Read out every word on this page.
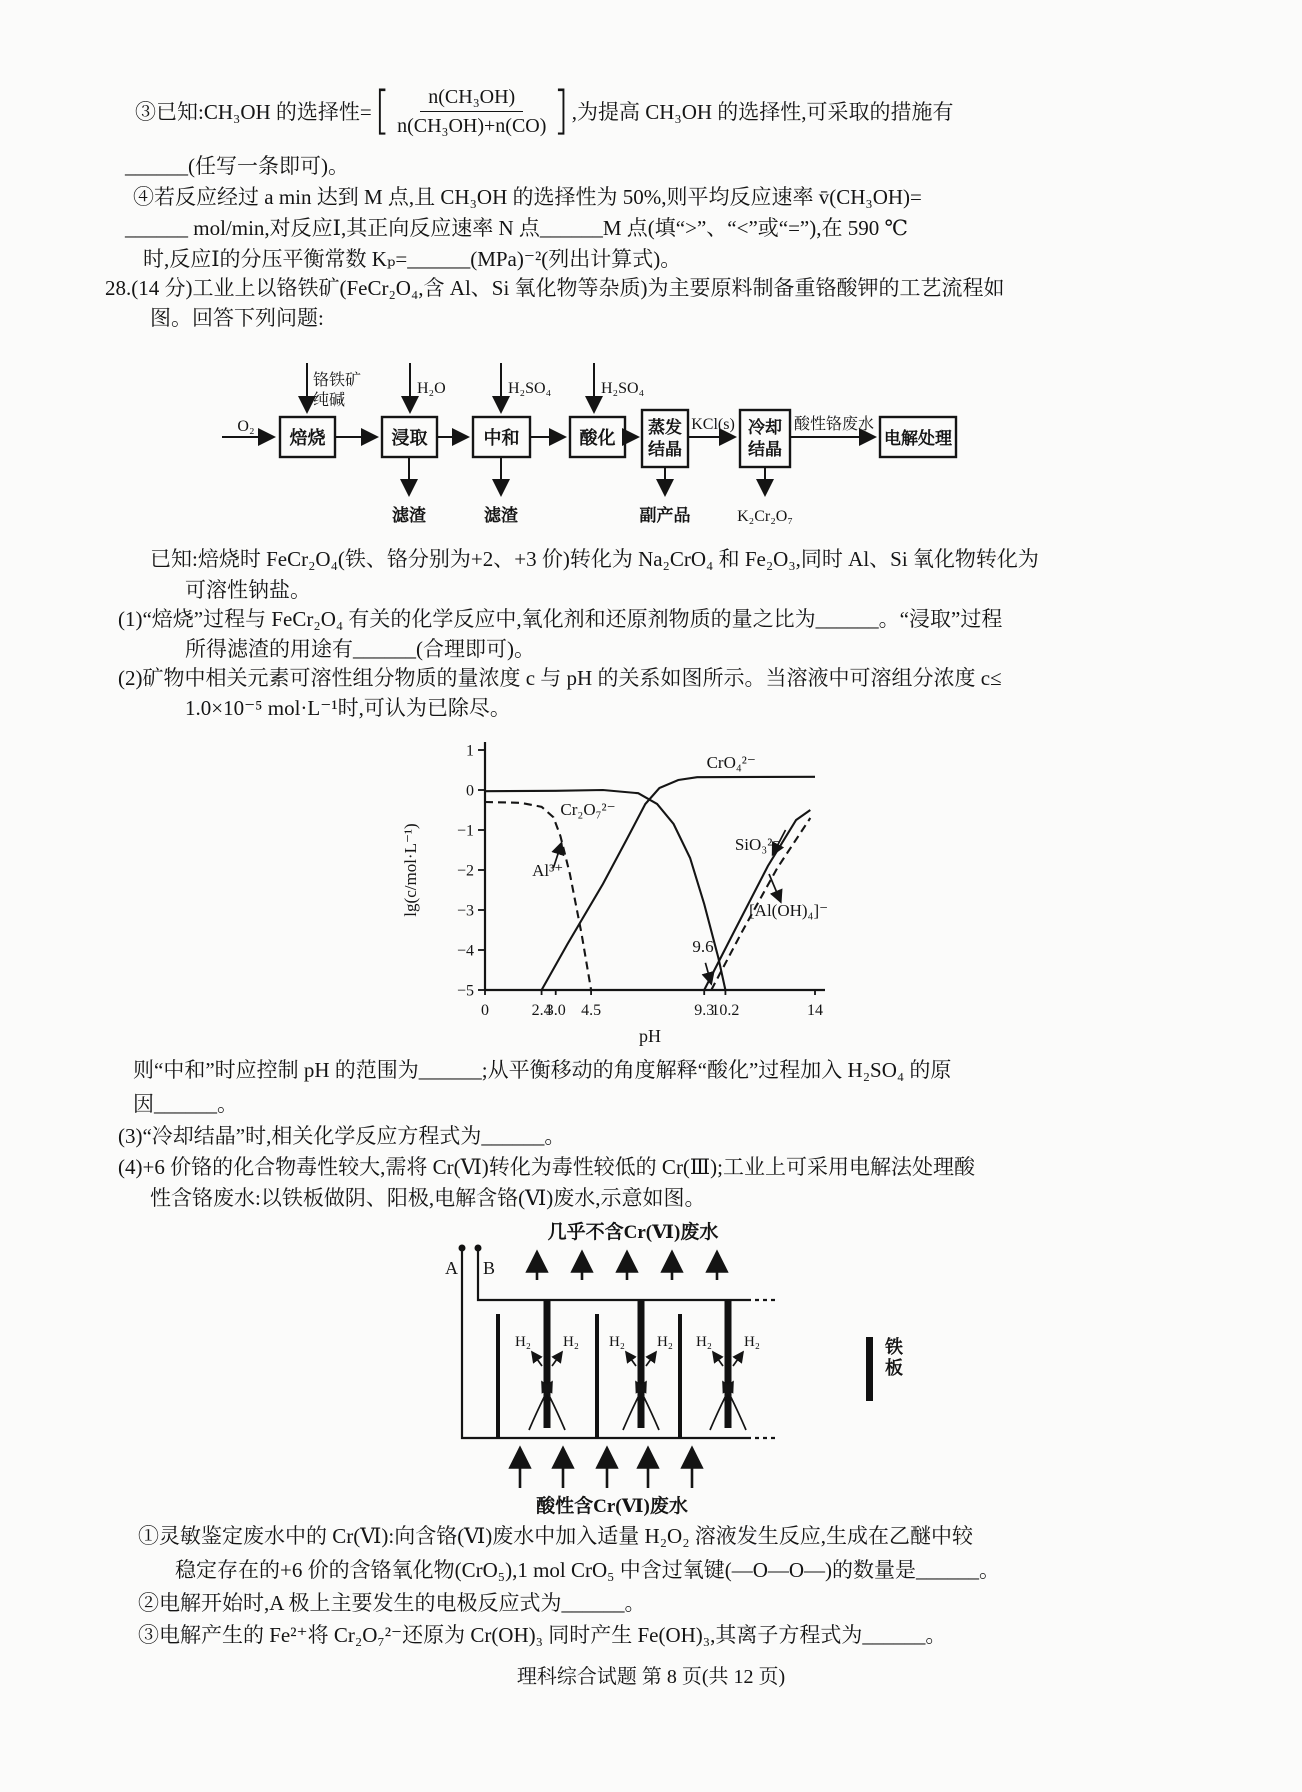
③已知:CH₃OH 的选择性= [ $\frac{\text{n(CH₃OH)}}{\text{n(CH₃OH)+n(CO)}}$ ] ,为提高 CH₃OH 的选择性,可采取的措施有
______(任写一条即可)。
④若反应经过 a min 达到 M 点,且 CH₃OH 的选择性为 50%,则平均反应速率 v̄(CH₃OH)=
______ mol/min,对反应Ⅰ,其正向反应速率 N 点______M 点(填“>”、“<”或“=”),在 590 ℃
时,反应Ⅰ的分压平衡常数 Kₚ=______(MPa)⁻²(列出计算式)。
28.(14 分)工业上以铬铁矿(FeCr₂O₄,含 Al、Si 氧化物等杂质)为主要原料制备重铬酸钾的工艺流程如
图。回答下列问题:
O₂
铬铁矿
纯碱
H₂O	H₂SO₄	H₂SO₄
焙烧	浸取	中和	酸化
蒸发
结晶
KCl(s) 冷却
结晶
酸性铬废水
电解处理
滤渣	滤渣	副产品	K₂Cr₂O₇
已知:焙烧时 FeCr₂O₄(铁、铬分别为+2、+3 价)转化为 Na₂CrO₄ 和 Fe₂O₃,同时 Al、Si 氧化物转化为
可溶性钠盐。
(1)“焙烧”过程与 FeCr₂O₄ 有关的化学反应中,氧化剂和还原剂物质的量之比为______。“浸取”过程
所得滤渣的用途有______(合理即可)。
(2)矿物中相关元素可溶性组分物质的量浓度 c 与 pH 的关系如图所示。当溶液中可溶组分浓度 c≤
1.0×10⁻⁵ mol·L⁻¹时,可认为已除尽。
1
0
−1
−2
−3
−4
−5
0	2.4
3.0 4.5	9.3
10.2	14
Cr₂O₇²⁻
CrO₄²⁻
Al³⁺
SiO₃²⁻
[Al(OH)₄]⁻
9.6
lg(c/mol·L⁻¹)
pH
则“中和”时应控制 pH 的范围为______;从平衡移动的角度解释“酸化”过程加入 H₂SO₄ 的原
因______。
(3)“冷却结晶”时,相关化学反应方程式为______。
(4)+6 价铬的化合物毒性较大,需将 Cr(Ⅵ)转化为毒性较低的 Cr(Ⅲ);工业上可采用电解法处理酸
性含铬废水:以铁板做阴、阳极,电解含铬(Ⅵ)废水,示意如图。
几乎不含Cr(Ⅵ)废水
A B
H₂ H₂ H₂ H₂ H₂ H₂
酸性含Cr(Ⅵ)废水
铁板
①灵敏鉴定废水中的 Cr(Ⅵ):向含铬(Ⅵ)废水中加入适量 H₂O₂ 溶液发生反应,生成在乙醚中较
稳定存在的+6 价的含铬氧化物(CrO₅),1 mol CrO₅ 中含过氧键(—O—O—)的数量是______。
②电解开始时,A 极上主要发生的电极反应式为______。
③电解产生的 Fe²⁺将 Cr₂O₇²⁻还原为 Cr(OH)₃ 同时产生 Fe(OH)₃,其离子方程式为______。
理科综合试题 第 8 页(共 12 页)
